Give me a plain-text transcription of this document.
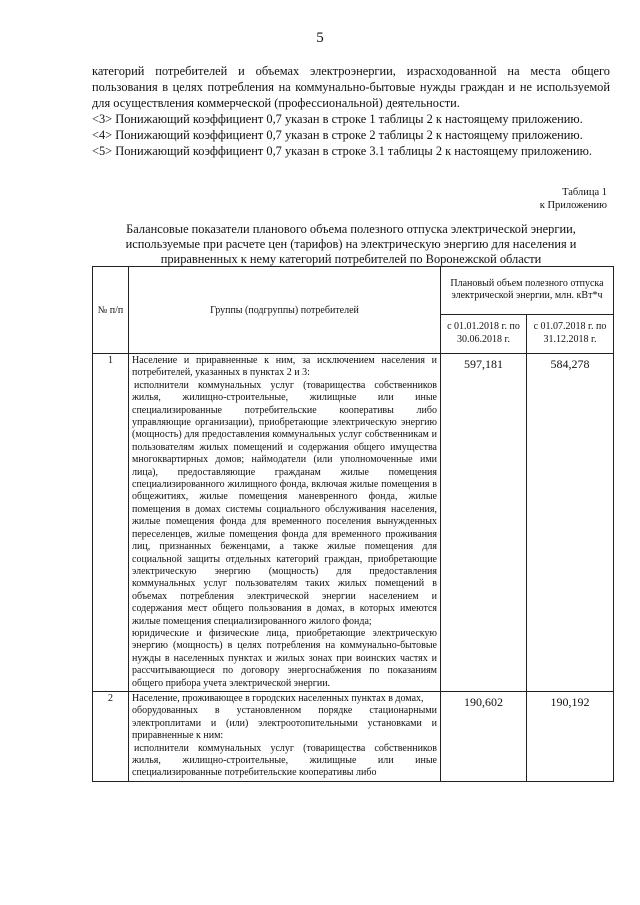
5

категорий потребителей и объемах электроэнергии, израсходованной на места общего пользования в целях потребления на коммунально-бытовые нужды граждан и не используемой для осуществления коммерческой (профессиональной) деятельности.

<3> Понижающий коэффициент 0,7 указан в строке 1 таблицы 2 к настоящему приложению.

<4> Понижающий коэффициент 0,7 указан в строке 2 таблицы 2 к настоящему приложению.

<5> Понижающий коэффициент 0,7 указан в строке 3.1 таблицы 2 к настоящему приложению.

Таблица 1
к Приложению
Балансовые показатели планового объема полезного отпуска электрической энергии, используемые при расчете цен (тарифов) на электрическую энергию для населения и приравненных к нему категорий потребителей по Воронежской области
№ п/п	Группы (подгруппы) потребителей	Плановый объем полезного отпуска электрической энергии, млн. кВт*ч	
		с 01.01.2018 г. по 30.06.2018 г.	с 01.07.2018 г. по 31.12.2018 г.
1	Население и приравненные к ним, за исключением населения и потребителей, указанных в пунктах 2 и 3:

исполнители коммунальных услуг (товарищества собственников жилья, жилищно-строительные, жилищные или иные специализированные потребительские кооперативы либо управляющие организации), приобретающие электрическую энергию (мощность) для предоставления коммунальных услуг собственникам и пользователям жилых помещений и содержания общего имущества многоквартирных домов; наймодатели (или уполномоченные ими лица), предоставляющие гражданам жилые помещения специализированного жилищного фонда, включая жилые помещения в общежитиях, жилые помещения маневренного фонда, жилые помещения в домах системы социального обслуживания населения, жилые помещения фонда для временного поселения вынужденных переселенцев, жилые помещения фонда для временного проживания лиц, признанных беженцами, а также жилые помещения для социальной защиты отдельных категорий граждан, приобретающие электрическую энергию (мощность) для предоставления коммунальных услуг пользователям таких жилых помещений в объемах потребления электрической энергии населением и содержания мест общего пользования в домах, в которых имеются жилые помещения специализированного жилого фонда;

юридические и физические лица, приобретающие электрическую энергию (мощность) в целях потребления на коммунально-бытовые нужды в населенных пунктах и жилых зонах при воинских частях и рассчитывающиеся по договору энергоснабжения по показаниям общего прибора учета электрической энергии.	597,181	584,278
2	Население, проживающее в городских населенных пунктах в домах,

оборудованных в установленном порядке стационарными электроплитами и (или) электроотопительными установками и приравненные к ним:

исполнители коммунальных услуг (товарищества собственников жилья, жилищно-строительные, жилищные или иные специализированные потребительские кооперативы либо	190,602	190,192
